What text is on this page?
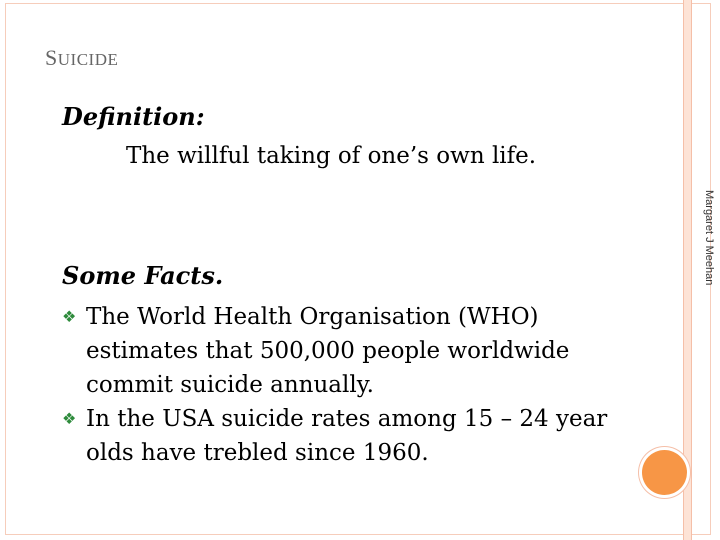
SUICIDE
Definition:
The willful taking of one’s own life.
Some Facts.
❖ The World Health Organisation (WHO) estimates that 500,000 people worldwide commit suicide annually.
❖ In the USA suicide rates among 15 – 24 year olds have trebled since 1960.
Margaret J Meehan
